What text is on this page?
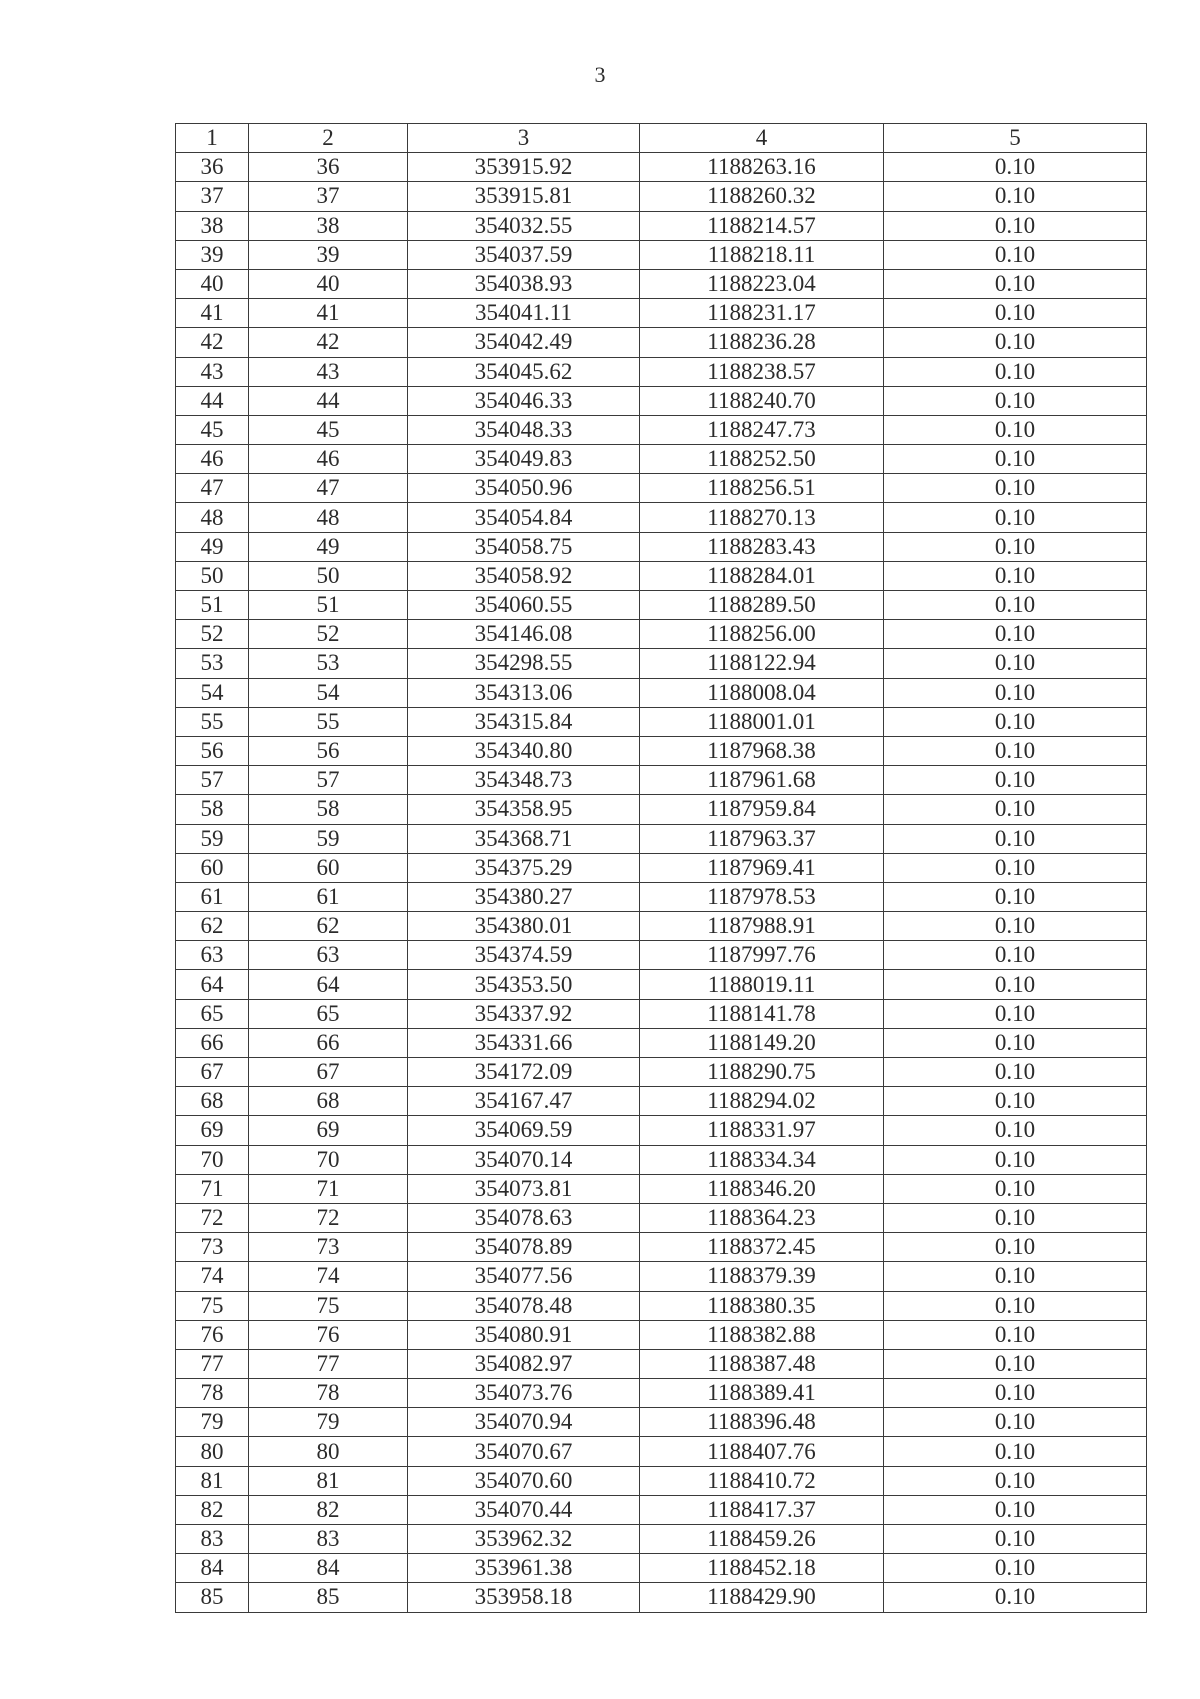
3
1	2	3	4	5
36	36	353915.92	1188263.16	0.10
37	37	353915.81	1188260.32	0.10
38	38	354032.55	1188214.57	0.10
39	39	354037.59	1188218.11	0.10
40	40	354038.93	1188223.04	0.10
41	41	354041.11	1188231.17	0.10
42	42	354042.49	1188236.28	0.10
43	43	354045.62	1188238.57	0.10
44	44	354046.33	1188240.70	0.10
45	45	354048.33	1188247.73	0.10
46	46	354049.83	1188252.50	0.10
47	47	354050.96	1188256.51	0.10
48	48	354054.84	1188270.13	0.10
49	49	354058.75	1188283.43	0.10
50	50	354058.92	1188284.01	0.10
51	51	354060.55	1188289.50	0.10
52	52	354146.08	1188256.00	0.10
53	53	354298.55	1188122.94	0.10
54	54	354313.06	1188008.04	0.10
55	55	354315.84	1188001.01	0.10
56	56	354340.80	1187968.38	0.10
57	57	354348.73	1187961.68	0.10
58	58	354358.95	1187959.84	0.10
59	59	354368.71	1187963.37	0.10
60	60	354375.29	1187969.41	0.10
61	61	354380.27	1187978.53	0.10
62	62	354380.01	1187988.91	0.10
63	63	354374.59	1187997.76	0.10
64	64	354353.50	1188019.11	0.10
65	65	354337.92	1188141.78	0.10
66	66	354331.66	1188149.20	0.10
67	67	354172.09	1188290.75	0.10
68	68	354167.47	1188294.02	0.10
69	69	354069.59	1188331.97	0.10
70	70	354070.14	1188334.34	0.10
71	71	354073.81	1188346.20	0.10
72	72	354078.63	1188364.23	0.10
73	73	354078.89	1188372.45	0.10
74	74	354077.56	1188379.39	0.10
75	75	354078.48	1188380.35	0.10
76	76	354080.91	1188382.88	0.10
77	77	354082.97	1188387.48	0.10
78	78	354073.76	1188389.41	0.10
79	79	354070.94	1188396.48	0.10
80	80	354070.67	1188407.76	0.10
81	81	354070.60	1188410.72	0.10
82	82	354070.44	1188417.37	0.10
83	83	353962.32	1188459.26	0.10
84	84	353961.38	1188452.18	0.10
85	85	353958.18	1188429.90	0.10
